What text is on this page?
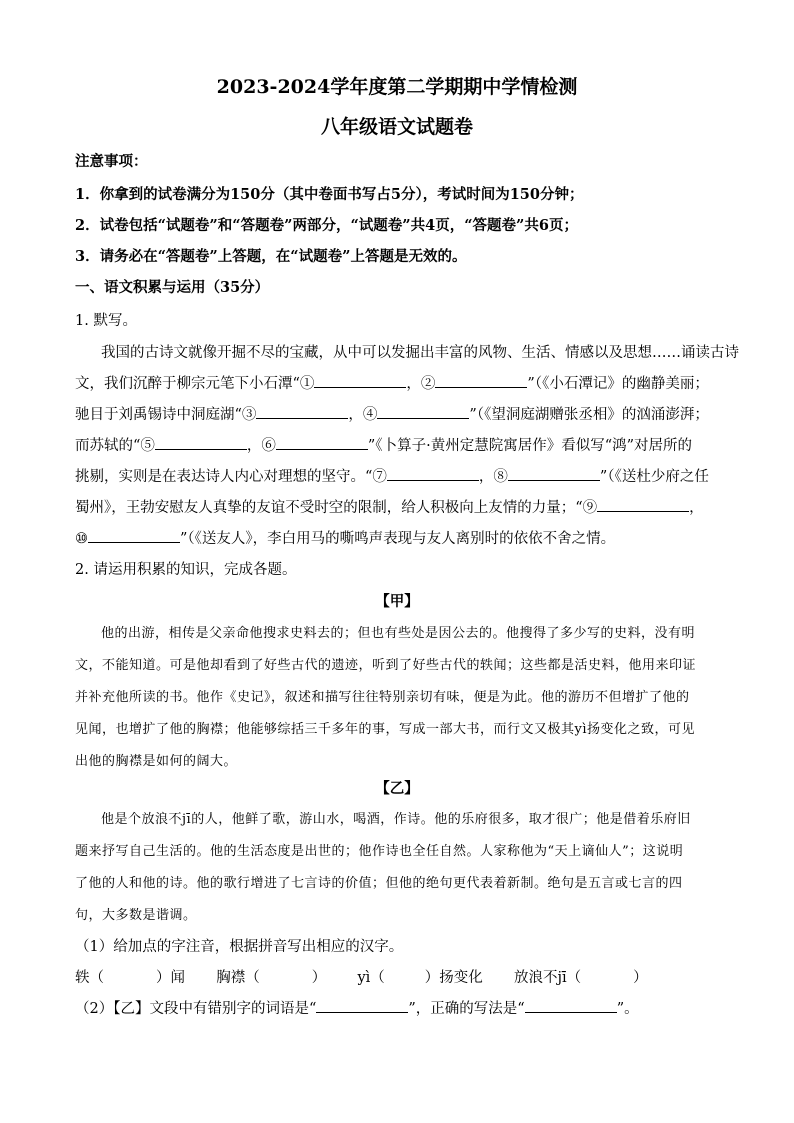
2023-2024学年度第二学期期中学情检测
八年级语文试题卷
注意事项：
1．你拿到的试卷满分为150分（其中卷面书写占5分），考试时间为150分钟；
2．试卷包括“试题卷”和“答题卷”两部分，“试题卷”共4页，“答题卷”共6页；
3．请务必在“答题卷”上答题，在“试题卷”上答题是无效的。
一、语文积累与运用（35分）
1. 默写。
我国的古诗文就像开掘不尽的宝藏，从中可以发掘出丰富的风物、生活、情感以及思想……诵读古诗
文，我们沉醉于柳宗元笔下小石潭“①	，②	”（《小石潭记》的幽静美丽；
驰目于刘禹锡诗中洞庭湖“③	，④	”（《望洞庭湖赠张丞相》的汹涌澎湃；
而苏轼的“⑤	，⑥	”《卜算子·黄州定慧院寓居作》看似写“鸿”对居所的
挑剔，实则是在表达诗人内心对理想的坚守。“⑦	，⑧	”（《送杜少府之任
蜀州》，王勃安慰友人真挚的友谊不受时空的限制，给人积极向上友情的力量；“⑨	，
⑩	”（《送友人》，李白用马的嘶鸣声表现与友人离别时的依依不舍之情。
2. 请运用积累的知识，完成各题。
【甲】
他的出游，相传是父亲命他搜求史料去的；但也有些处是因公去的。他搜得了多少写的史料，没有明
文，不能知道。可是他却看到了好些古代的遗迹，听到了好些古代的轶闻；这些都是活史料，他用来印证
并补充他所读的书。他作《史记》，叙述和描写往往特别亲切有味，便是为此。他的游历不但增扩了他的
见闻，也增扩了他的胸襟；他能够综括三千多年的事，写成一部大书，而行文又极其yì扬变化之致，可见
出他的胸襟是如何的阔大。
【乙】
他是个放浪不jī的人，他鲜了歌，游山水，喝酒，作诗。他的乐府很多，取才很广；他是借着乐府旧
题来抒写自己生活的。他的生活态度是出世的；他作诗也全任自然。人家称他为“天上谪仙人”；这说明
了他的人和他的诗。他的歌行增进了七言诗的价值；但他的绝句更代表着新制。绝句是五言或七言的四
句，大多数是谐调。
（1）给加点的字注音，根据拼音写出相应的汉字。
轶（	）闻 胸襟（	） yì（	）扬变化 放浪不jī（	）
（2）【乙】文段中有错别字的词语是“	”，正确的写法是“	”。
